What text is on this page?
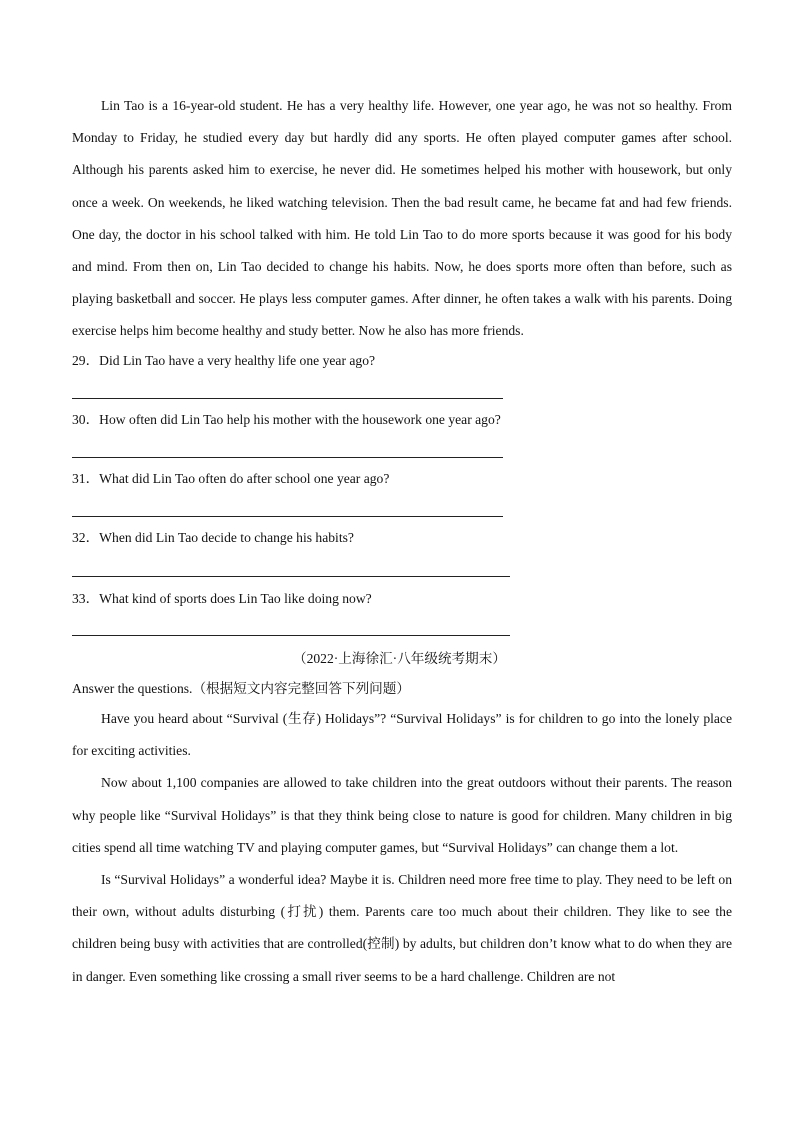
Lin Tao is a 16-year-old student. He has a very healthy life. However, one year ago, he was not so healthy. From Monday to Friday, he studied every day but hardly did any sports. He often played computer games after school. Although his parents asked him to exercise, he never did. He sometimes helped his mother with housework, but only once a week. On weekends, he liked watching television. Then the bad result came, he became fat and had few friends. One day, the doctor in his school talked with him. He told Lin Tao to do more sports because it was good for his body and mind. From then on, Lin Tao decided to change his habits. Now, he does sports more often than before, such as playing basketball and soccer. He plays less computer games. After dinner, he often takes a walk with his parents. Doing exercise helps him become healthy and study better. Now he also has more friends.

29．Did Lin Tao have a very healthy life one year ago?
30．How often did Lin Tao help his mother with the housework one year ago?
31．What did Lin Tao often do after school one year ago?
32．When did Lin Tao decide to change his habits?
33．What kind of sports does Lin Tao like doing now?
（2022·上海徐汇·八年级统考期末）
Answer the questions.（根据短文内容完整回答下列问题）

Have you heard about “Survival (生存) Holidays”? “Survival Holidays” is for children to go into the lonely place for exciting activities.

Now about 1,100 companies are allowed to take children into the great outdoors without their parents. The reason why people like “Survival Holidays” is that they think being close to nature is good for children. Many children in big cities spend all time watching TV and playing computer games, but “Survival Holidays” can change them a lot.

Is “Survival Holidays” a wonderful idea? Maybe it is. Children need more free time to play. They need to be left on their own, without adults disturbing (打扰) them. Parents care too much about their children. They like to see the children being busy with activities that are controlled(控制) by adults, but children don’t know what to do when they are in danger. Even something like crossing a small river seems to be a hard challenge. Children are not
